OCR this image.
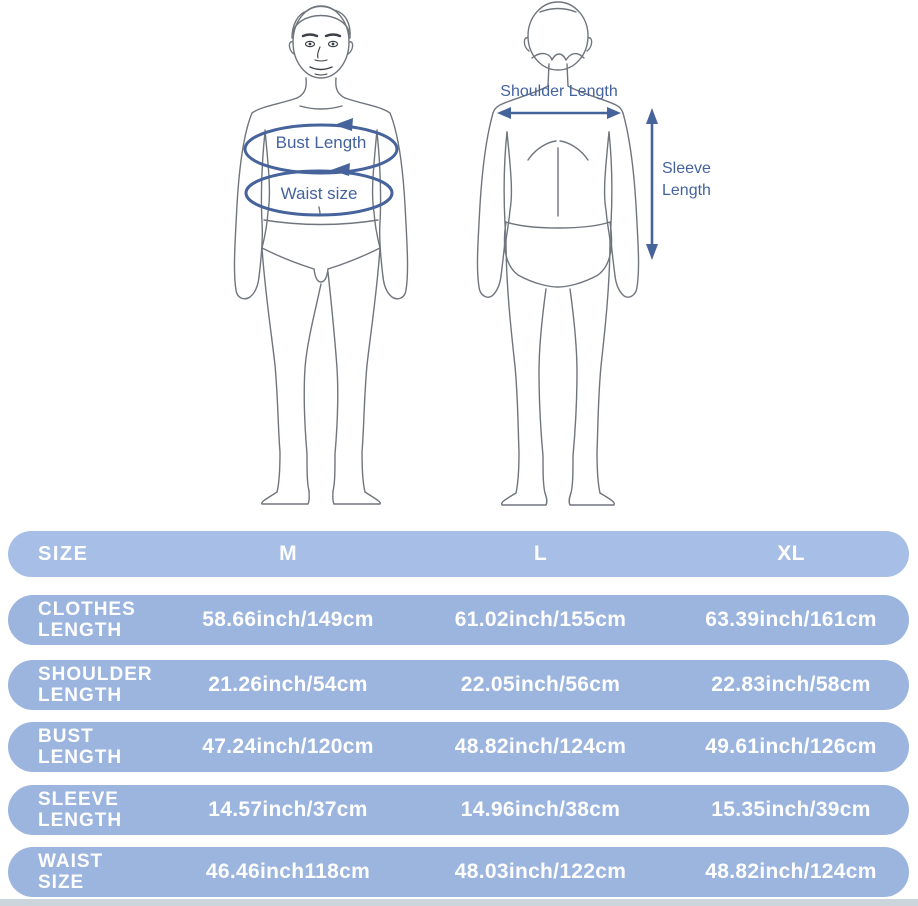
Bust Length
Waist size
Shoulder Length
Sleeve
Length
SIZE	M	L	XL
CLOTHES
LENGTH	58.66inch/149cm	61.02inch/155cm	63.39inch/161cm
SHOULDER
LENGTH	21.26inch/54cm	22.05inch/56cm	22.83inch/58cm
BUST
LENGTH	47.24inch/120cm	48.82inch/124cm	49.61inch/126cm
SLEEVE
LENGTH	14.57inch/37cm	14.96inch/38cm	15.35inch/39cm
WAIST
SIZE	46.46inch118cm	48.03inch/122cm	48.82inch/124cm
